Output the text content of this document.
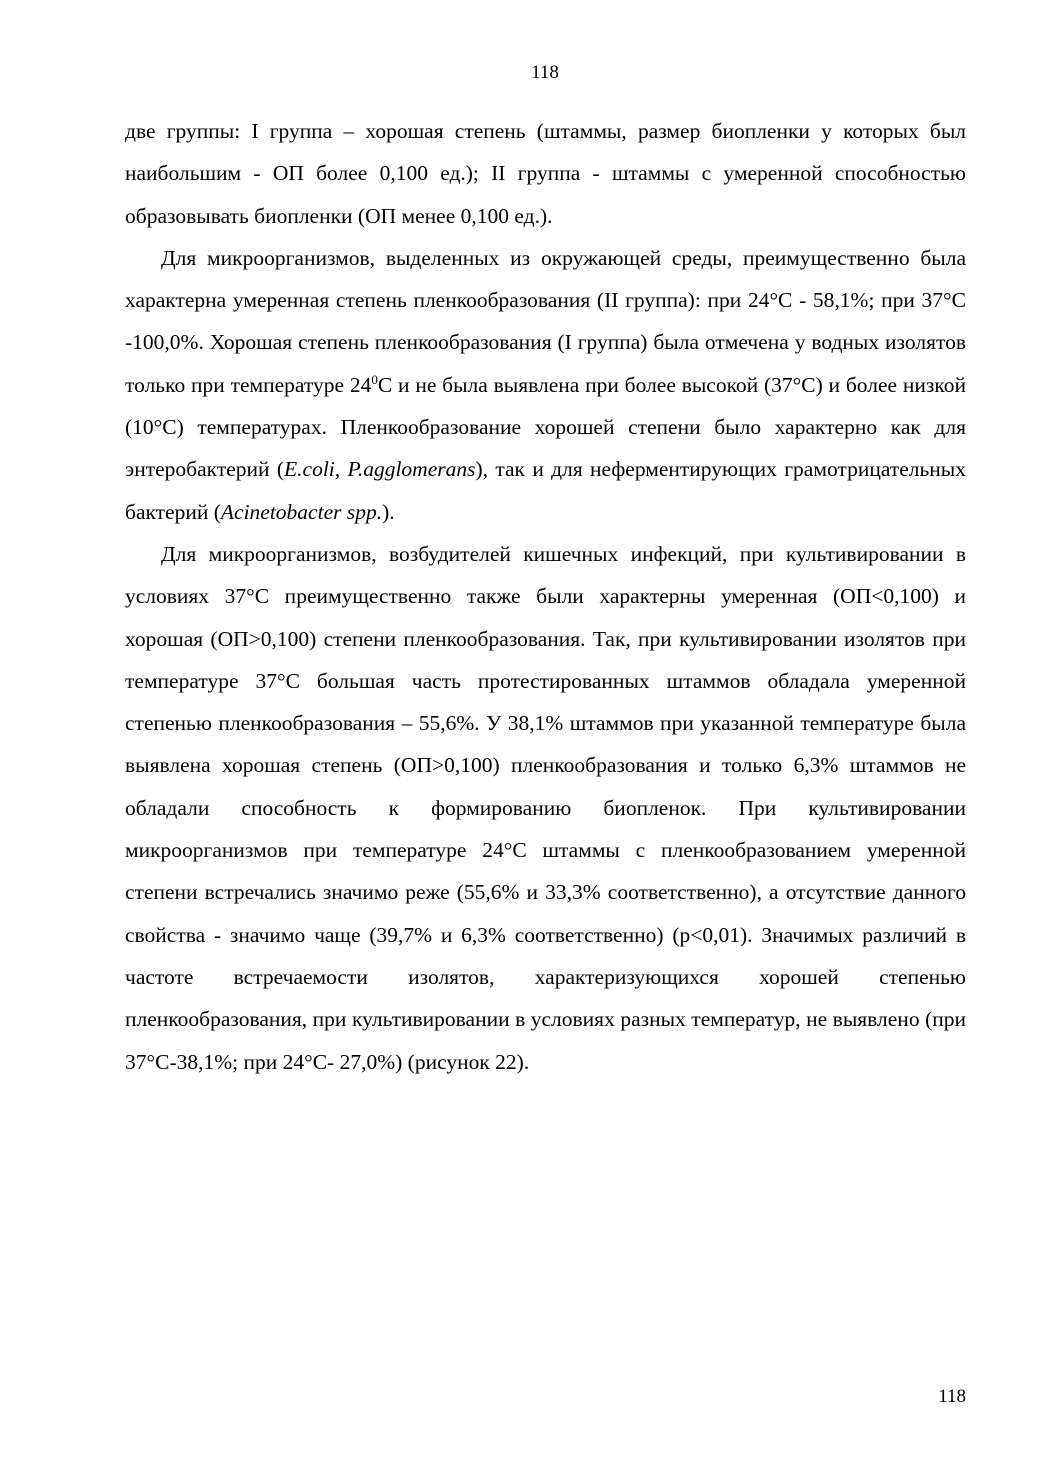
118

две группы: I группа – хорошая степень (штаммы, размер биопленки у которых был наибольшим - ОП более 0,100 ед.); II группа - штаммы с умеренной способностью образовывать биопленки (ОП менее 0,100 ед.).

Для микроорганизмов, выделенных из окружающей среды, преимущественно была характерна умеренная степень пленкообразования (II группа): при 24°С - 58,1%; при 37°С -100,0%. Хорошая степень пленкообразования (I группа) была отмечена у водных изолятов только при температуре $24^0С$ и не была выявлена при более высокой (37°С) и более низкой (10°С) температурах. Пленкообразование хорошей степени было характерно как для энтеробактерий (E.coli, P.agglomerans), так и для неферментирующих грамотрицательных бактерий (Acinetobacter spp.).

Для микроорганизмов, возбудителей кишечных инфекций, при культивировании в условиях 37°С преимущественно также были характерны умеренная (ОП<0,100) и хорошая (ОП>0,100) степени пленкообразования. Так, при культивировании изолятов при температуре 37°С большая часть протестированных штаммов обладала умеренной степенью пленкообразования – 55,6%. У 38,1% штаммов при указанной температуре была выявлена хорошая степень (ОП>0,100) пленкообразования и только 6,3% штаммов не обладали способность к формированию биопленок. При культивировании микроорганизмов при температуре 24°С штаммы с пленкообразованием умеренной степени встречались значимо реже (55,6% и 33,3% соответственно), а отсутствие данного свойства - значимо чаще (39,7% и 6,3% соответственно) (р<0,01). Значимых различий в частоте встречаемости изолятов, характеризующихся хорошей степенью пленкообразования, при культивировании в условиях разных температур, не выявлено (при 37°С-38,1%; при 24°С- 27,0%) (рисунок 22).

118
